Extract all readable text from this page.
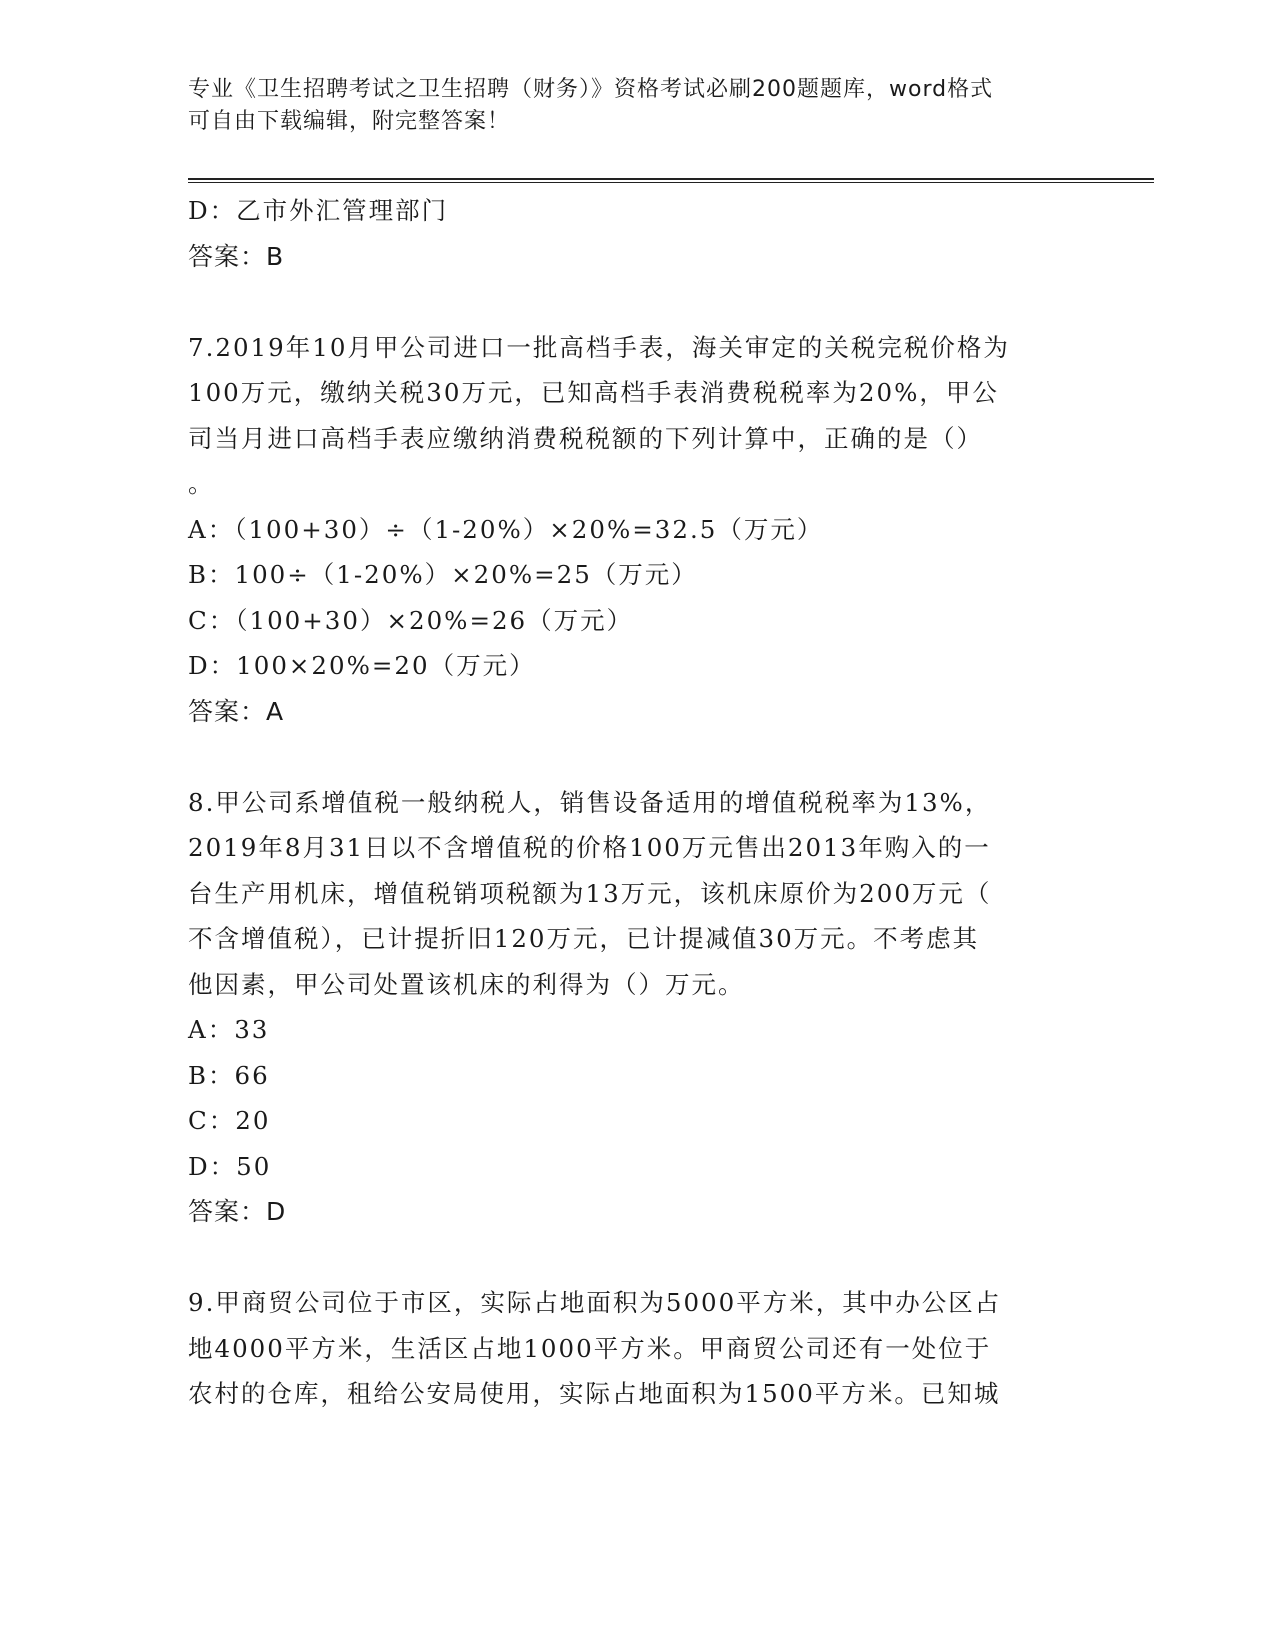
专业《卫生招聘考试之卫生招聘（财务）》资格考试必刷200题题库，word格式
可自由下载编辑，附完整答案！
D：乙市外汇管理部门
答案：B
7.2019年10月甲公司进口一批高档手表，海关审定的关税完税价格为
100万元，缴纳关税30万元，已知高档手表消费税税率为20%，甲公
司当月进口高档手表应缴纳消费税税额的下列计算中，正确的是（）
。
A：（100+30）÷（1-20%）×20%=32.5（万元）
B：100÷（1-20%）×20%=25（万元）
C：（100+30）×20%=26（万元）
D：100×20%=20（万元）
答案：A
8.甲公司系增值税一般纳税人，销售设备适用的增值税税率为13%，
2019年8月31日以不含增值税的价格100万元售出2013年购入的一
台生产用机床，增值税销项税额为13万元，该机床原价为200万元（
不含增值税），已计提折旧120万元，已计提减值30万元。不考虑其
他因素，甲公司处置该机床的利得为（）万元。
A：33
B：66
C：20
D：50
答案：D
9.甲商贸公司位于市区，实际占地面积为5000平方米，其中办公区占
地4000平方米，生活区占地1000平方米。甲商贸公司还有一处位于
农村的仓库，租给公安局使用，实际占地面积为1500平方米。已知城
